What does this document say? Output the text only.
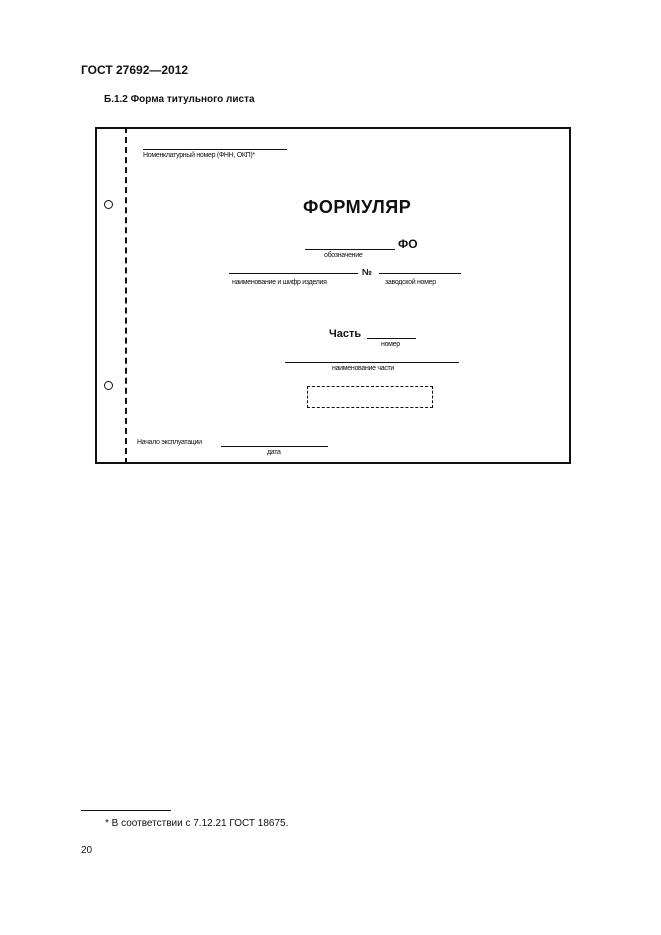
ГОСТ 27692—2012
Б.1.2 Форма титульного листа
Номенклатурный номер (ФНН, ОКП)*
ФОРМУЛЯР
ФО
обозначение
№
наименование и шифр изделия	заводской номер
Часть
номер
наименование части
Начало эксплуатации
дата
* В соответствии с 7.12.21 ГОСТ 18675.
20
